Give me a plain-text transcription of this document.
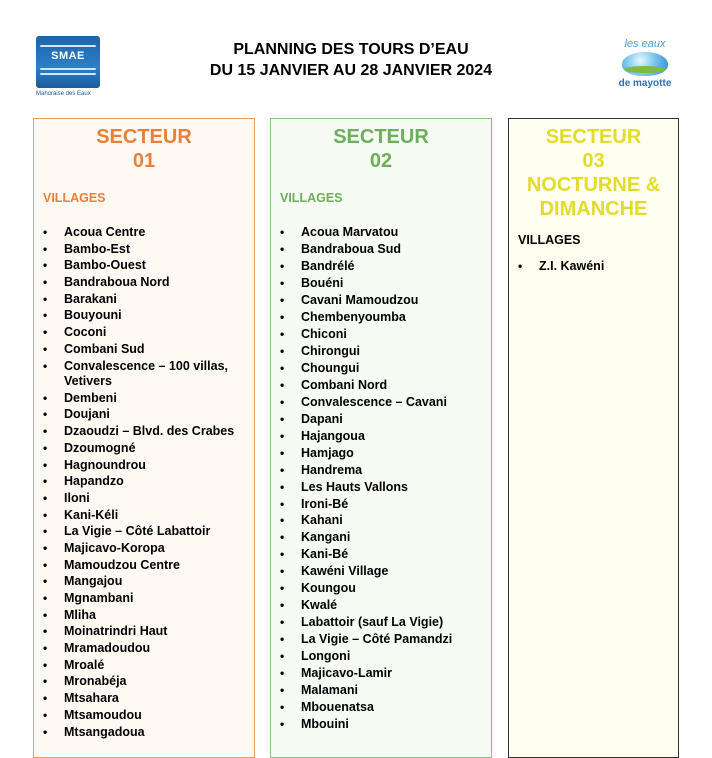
SMAE
Mahoraise des Eaux
PLANNING DES TOURS D’EAU
DU 15 JANVIER AU 28 JANVIER 2024
les eaux
de mayotte
SECTEUR
01
VILLAGES
• Acoua Centre
• Bambo-Est
• Bambo-Ouest
• Bandraboua Nord
• Barakani
• Bouyouni
• Coconi
• Combani Sud
• Convalescence – 100 villas, Vetivers
• Dembeni
• Doujani
• Dzaoudzi – Blvd. des Crabes
• Dzoumogné
• Hagnoundrou
• Hapandzo
• Iloni
• Kani-Kéli
• La Vigie – Côté Labattoir
• Majicavo-Koropa
• Mamoudzou Centre
• Mangajou
• Mgnambani
• Mliha
• Moinatrindri Haut
• Mramadoudou
• Mroalé
• Mronabéja
• Mtsahara
• Mtsamoudou
• Mtsangadoua
SECTEUR
02
VILLAGES
• Acoua Marvatou
• Bandraboua Sud
• Bandrélé
• Bouéni
• Cavani Mamoudzou
• Chembenyoumba
• Chiconi
• Chirongui
• Choungui
• Combani Nord
• Convalescence – Cavani
• Dapani
• Hajangoua
• Hamjago
• Handrema
• Les Hauts Vallons
• Ironi-Bé
• Kahani
• Kangani
• Kani-Bé
• Kawéni Village
• Koungou
• Kwalé
• Labattoir (sauf La Vigie)
• La Vigie – Côté Pamandzi
• Longoni
• Majicavo-Lamir
• Malamani
• Mbouenatsa
• Mbouini
SECTEUR
03
NOCTURNE &
DIMANCHE
VILLAGES
• Z.I. Kawéni
